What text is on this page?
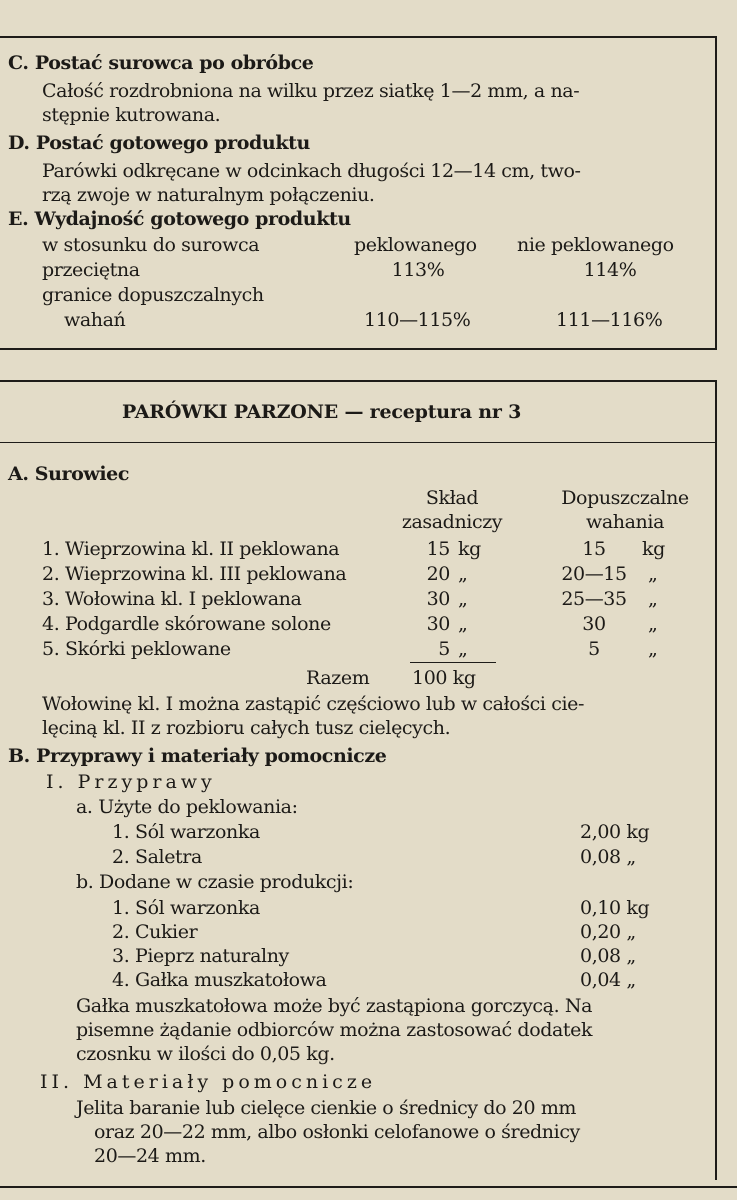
C. Postać surowca po obróbce
Całość rozdrobniona na wilku przez siatkę 1—2 mm, a na-
stępnie kutrowana.
D. Postać gotowego produktu
Parówki odkręcane w odcinkach długości 12—14 cm, two-
rzą zwoje w naturalnym połączeniu.
E. Wydajność gotowego produktu
w stosunku do surowca	peklowanego nie peklowanego
przeciętna	113%	114%
granice dopuszczalnych
wahań	110—115%	111—116%
PARÓWKI PARZONE — receptura nr 3
A. Surowiec
Skład
zasadniczy
Dopuszczalne
wahania
1. Wieprzowina kl. II peklowana	15 kg	15	kg
2. Wieprzowina kl. III peklowana	20 „	20—15 „
3. Wołowina kl. I peklowana	30 „	25—35 „
4. Podgardle skórowane solone	30 „	30	„
5. Skórki peklowane	5 „	5	„
Razem 100 kg
Wołowinę kl. I można zastąpić częściowo lub w całości cie-
lęciną kl. II z rozbioru całych tusz cielęcych.
B. Przyprawy i materiały pomocnicze
I. Przyprawy
a. Użyte do peklowania:
1. Sól warzonka	2,00 kg
2. Saletra	0,08 „
b. Dodane w czasie produkcji:
1. Sól warzonka	0,10 kg
2. Cukier	0,20 „
3. Pieprz naturalny	0,08 „
4. Gałka muszkatołowa	0,04 „
Gałka muszkatołowa może być zastąpiona gorczycą. Na
pisemne żądanie odbiorców można zastosować dodatek
czosnku w ilości do 0,05 kg.
II. Materiały pomocnicze
Jelita baranie lub cielęce cienkie o średnicy do 20 mm
oraz 20—22 mm, albo osłonki celofanowe o średnicy
20—24 mm.
